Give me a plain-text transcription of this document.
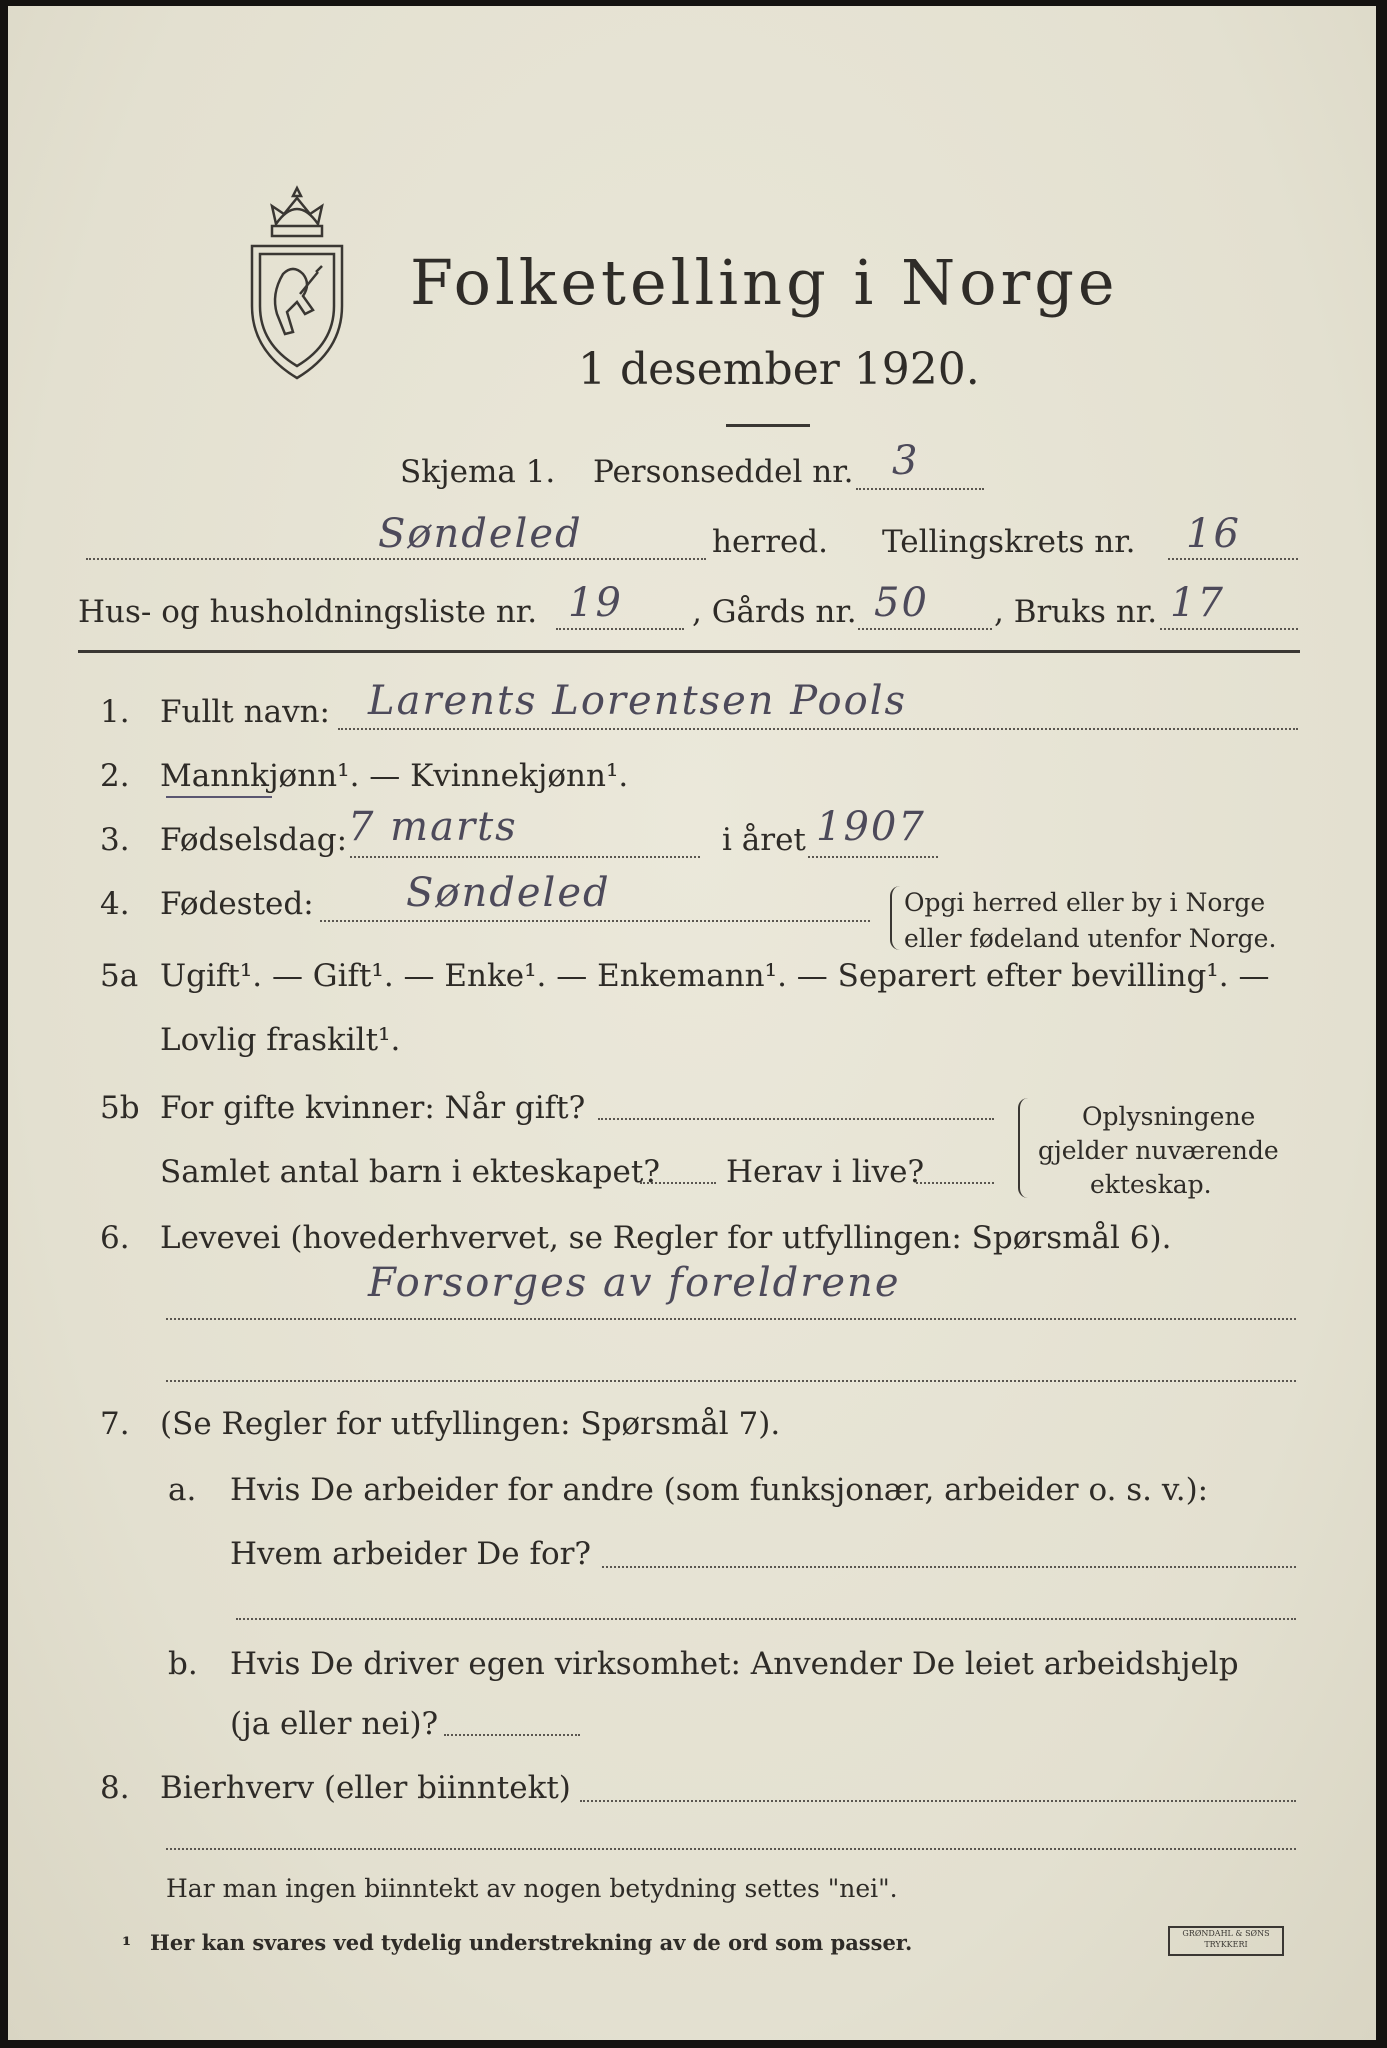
Folketelling i Norge
1 desember 1920.
Skjema 1. Personseddel nr. 3
Søndeled	herred. Tellingskrets nr. 16
Hus- og husholdningsliste nr. 19 , Gårds nr. 50 , Bruks nr. 17
1. Fullt navn: Larents Lorentsen Pools
2. Mannkjønn¹. — Kvinnekjønn¹.
3. Fødselsdag: 7 marts	i året 1907
4. Fødested: Søndeled	Opgi herred eller by i Norge
eller fødeland utenfor Norge.
5a Ugift¹. — Gift¹. — Enke¹. — Enkemann¹. — Separert efter bevilling¹. —
Lovlig fraskilt¹.
5b For gifte kvinner: Når gift?
Samlet antal barn i ekteskapet? Herav i live?
Oplysningene
gjelder nuværende
ekteskap.
6. Levevei (hovederhvervet, se Regler for utfyllingen: Spørsmål 6).
Forsorges av foreldrene
7. (Se Regler for utfyllingen: Spørsmål 7).
a. Hvis De arbeider for andre (som funksjonær, arbeider o. s. v.):
Hvem arbeider De for?
b. Hvis De driver egen virksomhet: Anvender De leiet arbeidshjelp
(ja eller nei)?
8. Bierhverv (eller biinntekt)
Har man ingen biinntekt av nogen betydning settes "nei".
¹ Her kan svares ved tydelig understrekning av de ord som passer.	GRØNDAHL & SØNS TRYKKERI
